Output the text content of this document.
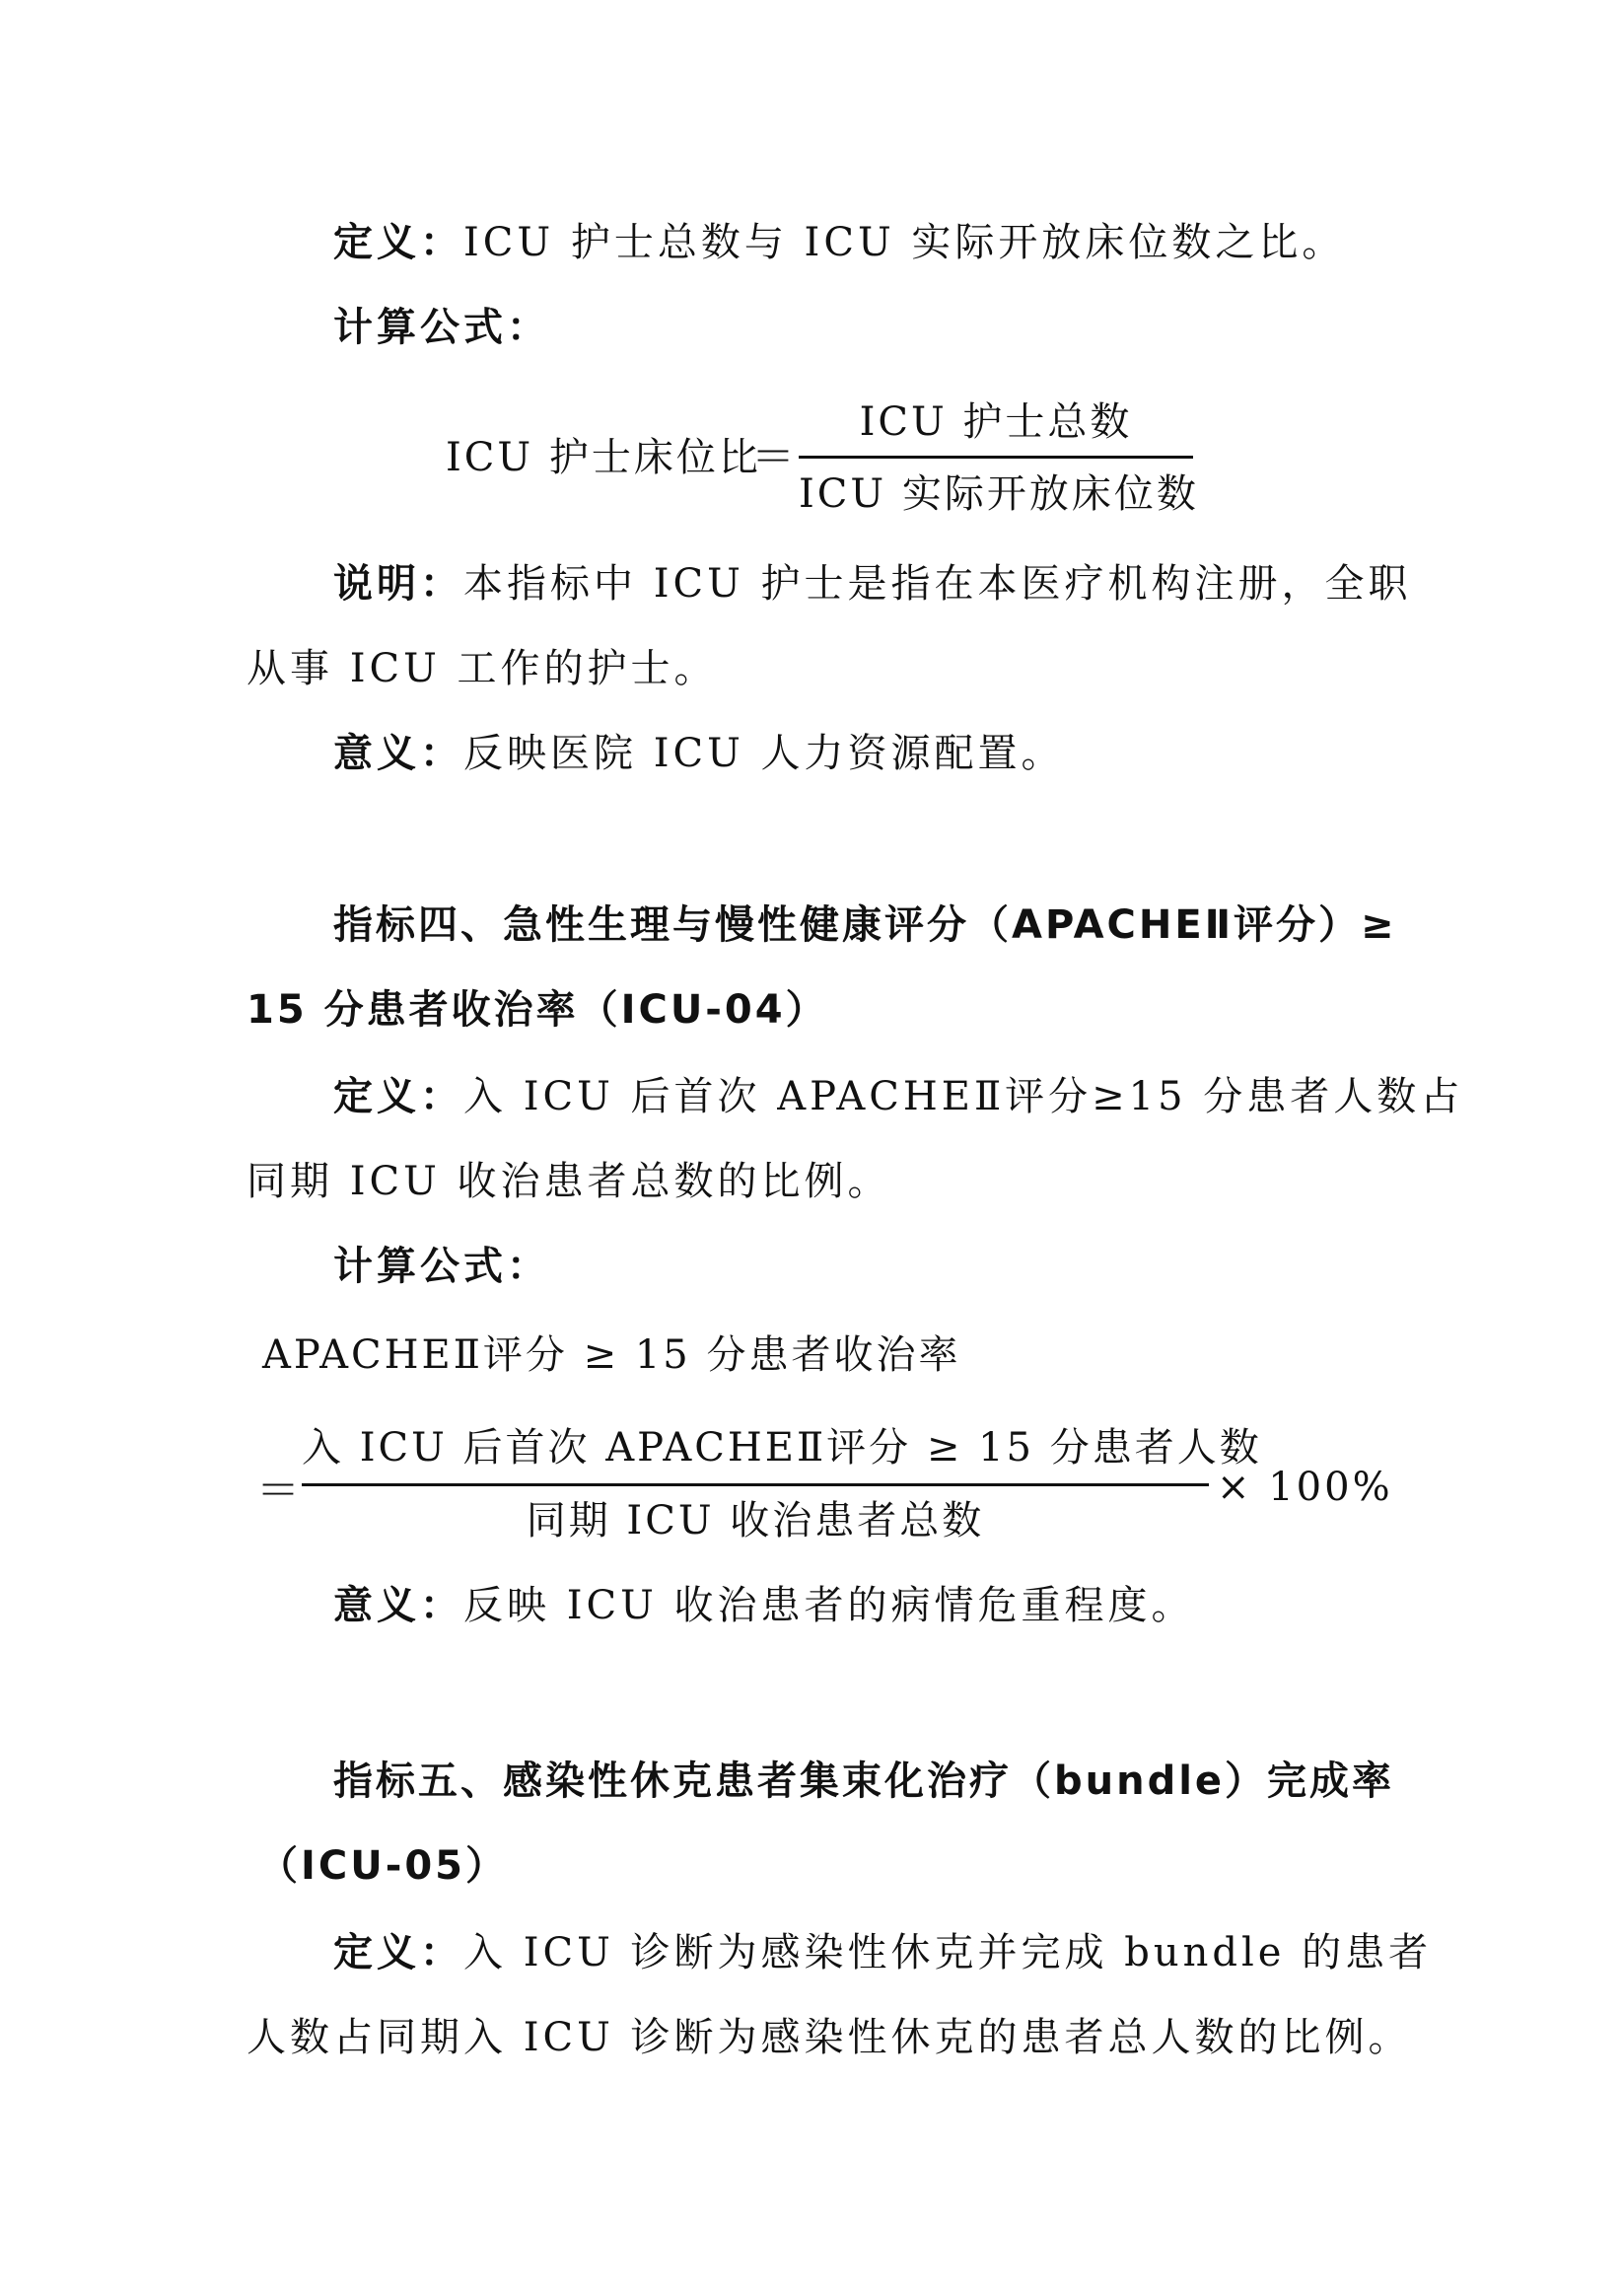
定义：ICU 护士总数与 ICU 实际开放床位数之比。
计算公式：
ICU 护士床位比
＝
ICU 护士总数
ICU 实际开放床位数
说明：本指标中 ICU 护士是指在本医疗机构注册，全职
从事 ICU 工作的护士。
意义：反映医院 ICU 人力资源配置。
指标四、急性生理与慢性健康评分（APACHEⅡ评分）≥
15 分患者收治率（ICU-04）
定义：入 ICU 后首次 APACHEⅡ评分≥15 分患者人数占
同期 ICU 收治患者总数的比例。
计算公式：
APACHEⅡ评分 ≥ 15 分患者收治率
＝
入 ICU 后首次 APACHEⅡ评分 ≥ 15 分患者人数
同期 ICU 收治患者总数
× 100%
意义：反映 ICU 收治患者的病情危重程度。
指标五、感染性休克患者集束化治疗（bundle）完成率
（ICU-05）
定义：入 ICU 诊断为感染性休克并完成 bundle 的患者
人数占同期入 ICU 诊断为感染性休克的患者总人数的比例。
